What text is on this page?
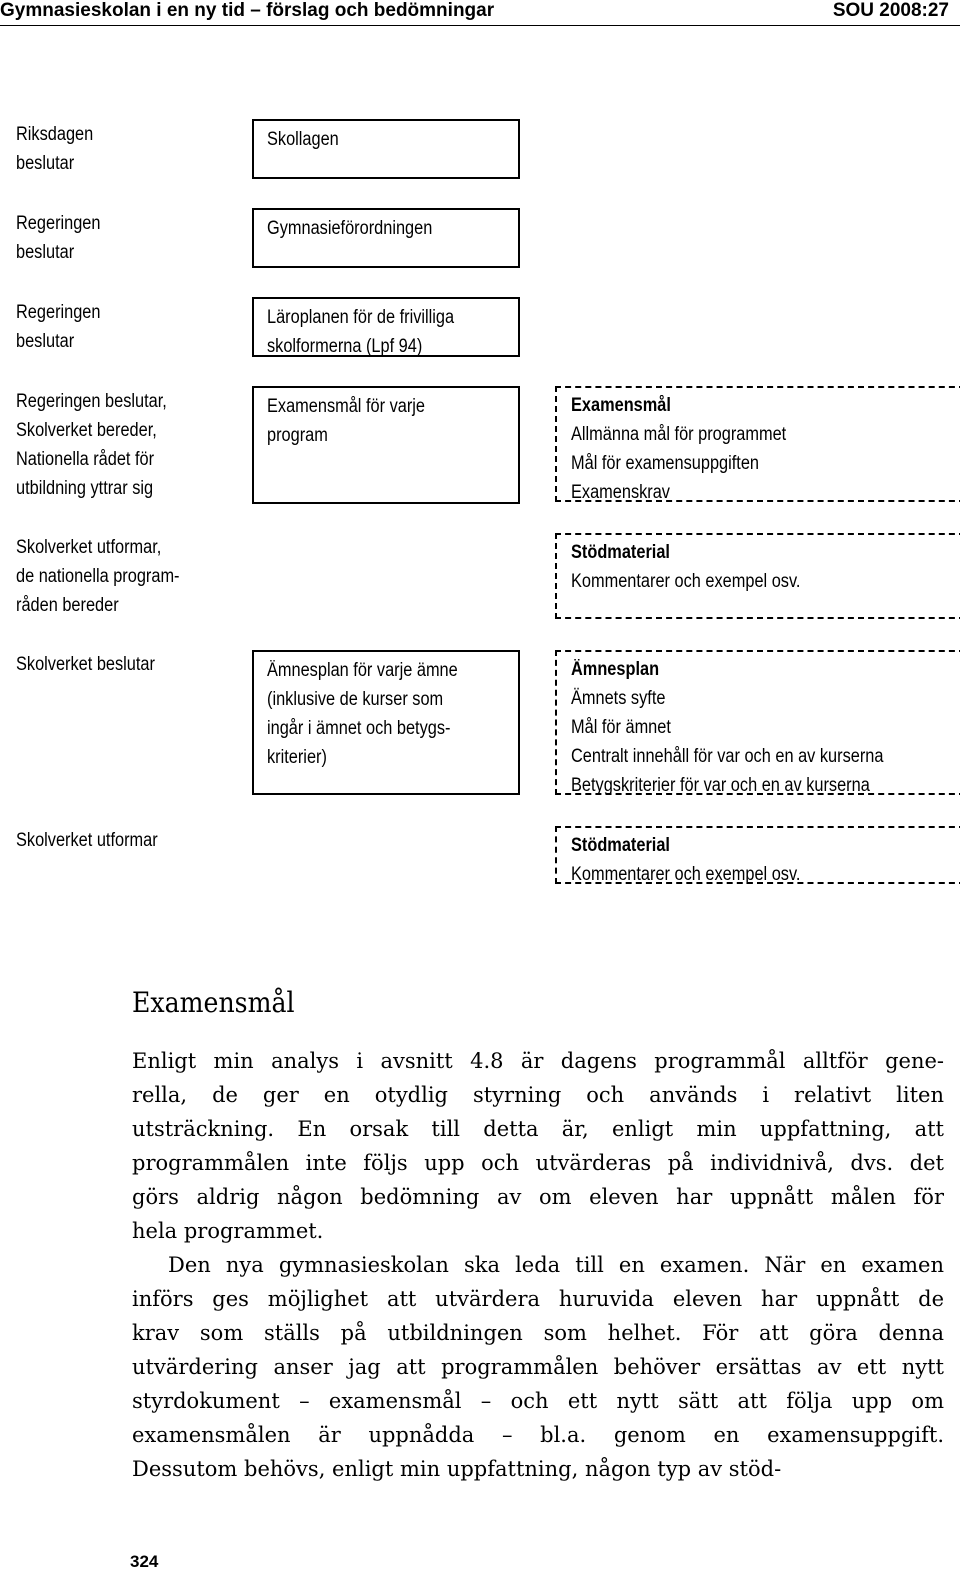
Gymnasieskolan i en ny tid – förslag och bedömningar	SOU 2008:27
Riksdagen
beslutar
Skollagen
Regeringen
beslutar
Gymnasieförordningen
Regeringen
beslutar
Läroplanen för de frivilliga
skolformerna (Lpf 94)
Regeringen beslutar,
Skolverket bereder,
Nationella rådet för
utbildning yttrar sig
Examensmål för varje
program
Examensmål
Allmänna mål för programmet
Mål för examensuppgiften
Examenskrav
Skolverket utformar,
de nationella program-
råden bereder
Stödmaterial
Kommentarer och exempel osv.
Skolverket beslutar	Ämnesplan för varje ämne
(inklusive de kurser som
ingår i ämnet och betygs-
kriterier)
Ämnesplan
Ämnets syfte
Mål för ämnet
Centralt innehåll för var och en av kurserna
Betygskriterier för var och en av kurserna
Skolverket utformar	Stödmaterial
Kommentarer och exempel osv.
Examensmål
Enligt min analys i avsnitt 4.8 är dagens programmål alltför gene-
rella, de ger en otydlig styrning och används i relativt liten
utsträckning. En orsak till detta är, enligt min uppfattning, att
programmålen inte följs upp och utvärderas på individnivå, dvs. det
görs aldrig någon bedömning av om eleven har uppnått målen för
hela programmet.
Den nya gymnasieskolan ska leda till en examen. När en examen
införs ges möjlighet att utvärdera huruvida eleven har uppnått de
krav som ställs på utbildningen som helhet. För att göra denna
utvärdering anser jag att programmålen behöver ersättas av ett nytt
styrdokument – examensmål – och ett nytt sätt att följa upp om
examensmålen är uppnådda – bl.a. genom en examensuppgift.
Dessutom behövs, enligt min uppfattning, någon typ av stöd-
324
